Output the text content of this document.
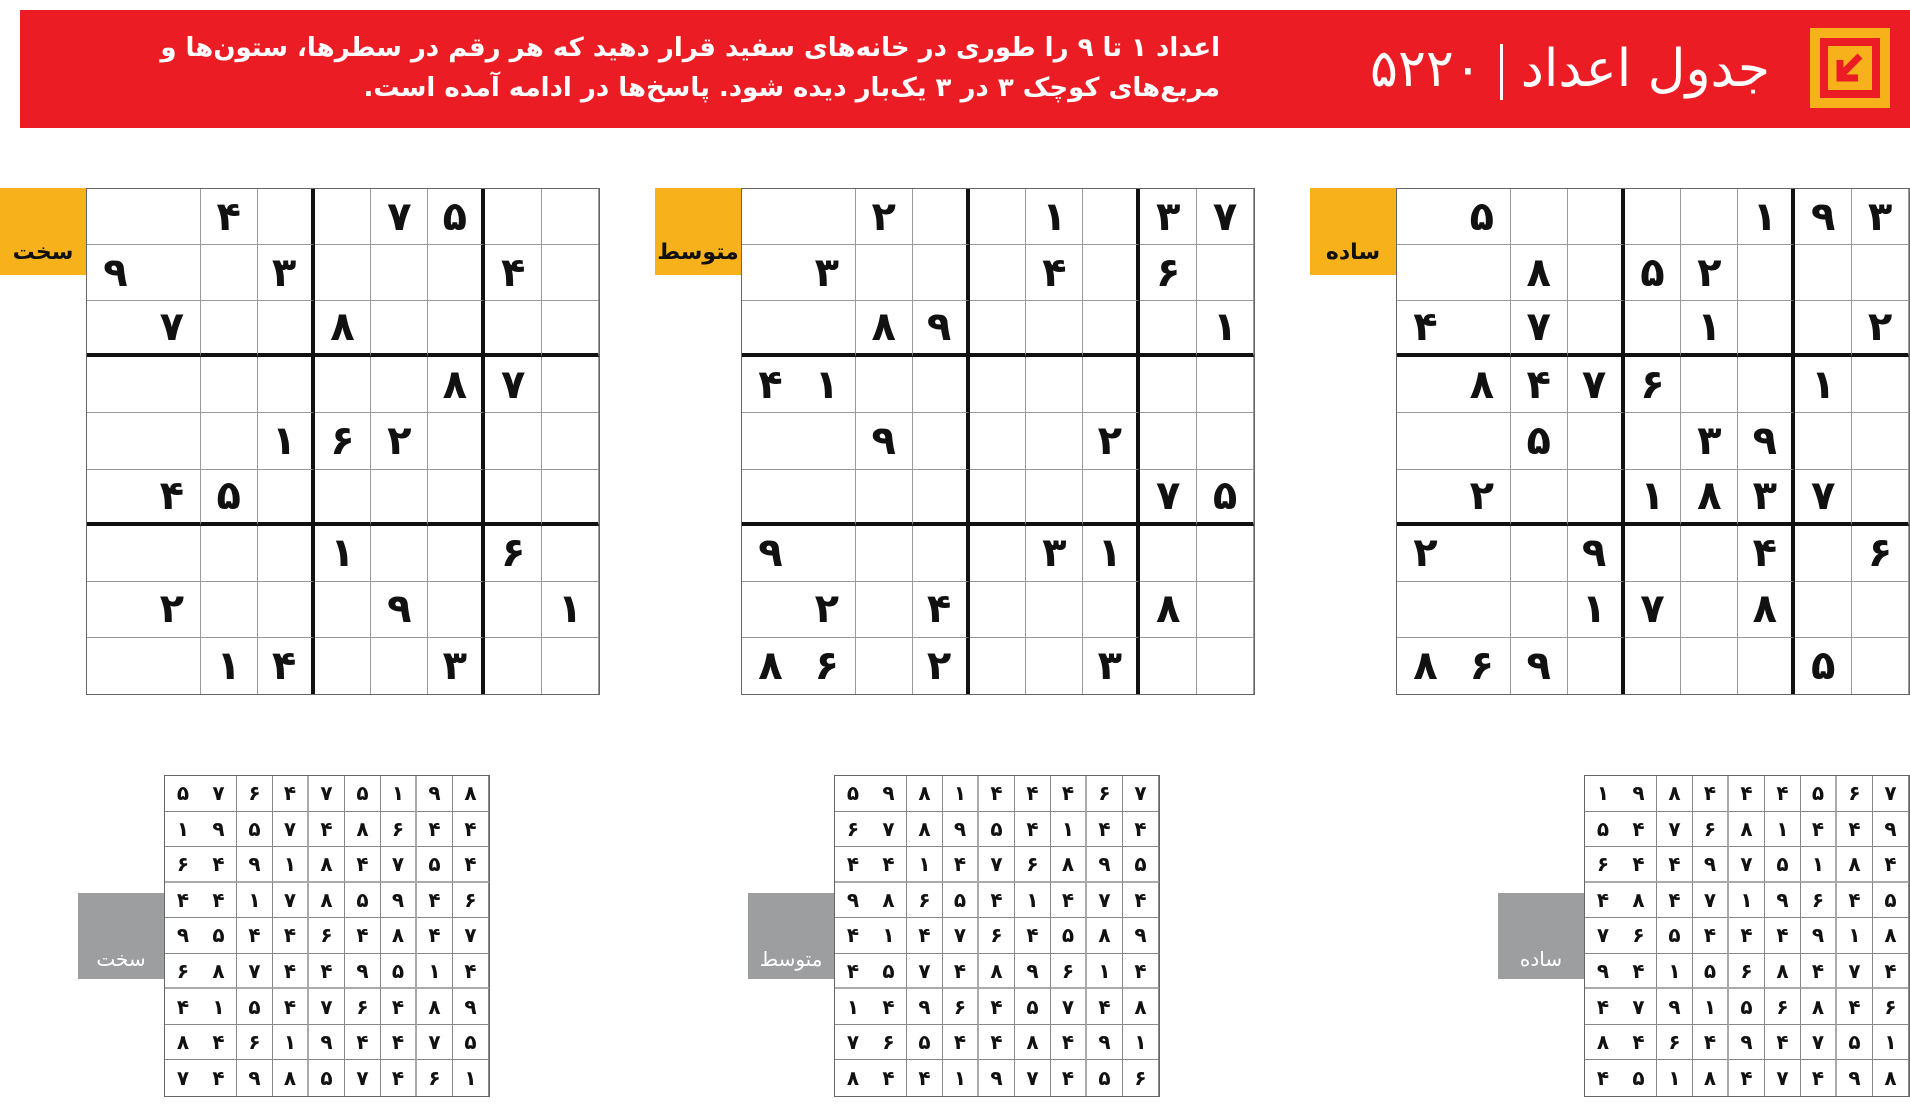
جدول اعداد۵۲۲۰
اعداد ۱ تا ۹ را طوری در خانه‌های سفید قرار دهید که هر رقم در سطرها، ستون‌ها و مربع‌های کوچک ۳ در ۳ یک‌بار دیده شود. پاسخ‌ها در ادامه آمده است.
ساده
متوسط
سخت
۳
۹
۱
۵
۲
۵
۸
۲
۱
۷
۴
۱
۶
۷
۴
۸
۹
۳
۵
۷
۳
۸
۱
۲
۶
۴
۹
۲
۸
۷
۱
۵
۹
۶
۸
۷
۳
۱
۲
۶
۴
۳
۱
۹
۸
۱
۴
۲
۹
۵
۷
۱
۳
۹
۸
۴
۲
۳
۲
۶
۸
۵
۷
۴
۴
۳
۹
۸
۷
۷
۸
۲
۶
۱
۵
۴
۶
۱
۱
۹
۲
۳
۴
۱
ساده
متوسط
سخت
۷
۶
۵
۴
۴
۴
۸
۹
۱
۹
۴
۴
۱
۸
۶
۷
۴
۵
۴
۸
۱
۵
۷
۹
۴
۴
۶
۵
۴
۶
۹
۱
۷
۴
۸
۴
۸
۱
۹
۴
۴
۴
۵
۶
۷
۴
۷
۴
۸
۶
۵
۱
۴
۹
۶
۴
۸
۶
۵
۱
۹
۷
۴
۱
۵
۷
۴
۹
۴
۶
۴
۸
۸
۹
۴
۷
۴
۸
۱
۵
۴
۷
۶
۴
۴
۴
۱
۸
۹
۵
۴
۴
۱
۴
۵
۹
۸
۷
۶
۵
۹
۸
۶
۷
۴
۱
۴
۴
۴
۷
۴
۱
۴
۵
۶
۸
۹
۹
۸
۵
۴
۶
۷
۴
۱
۴
۴
۱
۶
۹
۸
۴
۷
۵
۴
۸
۴
۷
۵
۴
۶
۹
۴
۱
۱
۹
۴
۸
۴
۴
۵
۶
۷
۶
۵
۴
۷
۹
۱
۴
۴
۸
۸
۹
۱
۵
۷
۴
۶
۷
۵
۴
۴
۶
۸
۴
۷
۵
۹
۱
۴
۵
۷
۴
۸
۱
۹
۴
۶
۶
۴
۹
۵
۸
۷
۱
۴
۴
۷
۴
۸
۴
۶
۴
۴
۵
۹
۴
۱
۵
۹
۴
۴
۷
۸
۶
۹
۸
۴
۶
۷
۴
۵
۱
۴
۵
۷
۴
۴
۹
۱
۶
۴
۸
۱
۶
۴
۷
۵
۸
۹
۴
۷
